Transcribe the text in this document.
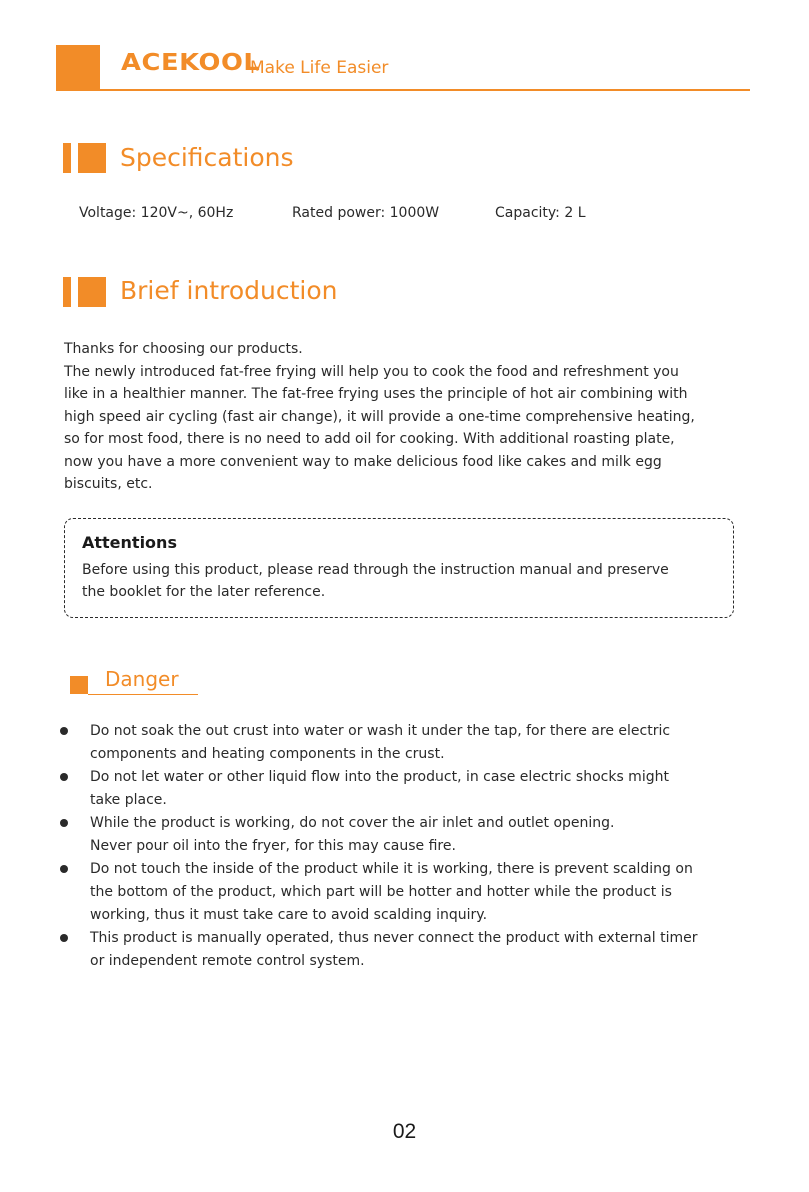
ACEKOOL
Make Life Easier
Specifications
Voltage: 120V~, 60Hz	Rated power: 1000W	Capacity: 2 L
Brief introduction
Thanks for choosing our products.
The newly introduced fat-free frying will help you to cook the food and refreshment you
like in a healthier manner. The fat-free frying uses the principle of hot air combining with
high speed air cycling (fast air change), it will provide a one-time comprehensive heating,
so for most food, there is no need to add oil for cooking. With additional roasting plate,
now you have a more convenient way to make delicious food like cakes and milk egg
biscuits, etc.
Attentions
Before using this product, please read through the instruction manual and preserve
the booklet for the later reference.
Danger
Do not soak the out crust into water or wash it under the tap, for there are electric
components and heating components in the crust.
Do not let water or other liquid flow into the product, in case electric shocks might
take place.
While the product is working, do not cover the air inlet and outlet opening.
Never pour oil into the fryer, for this may cause fire.
Do not touch the inside of the product while it is working, there is prevent scalding on
the bottom of the product, which part will be hotter and hotter while the product is
working, thus it must take care to avoid scalding inquiry.
This product is manually operated, thus never connect the product with external timer
or independent remote control system.
02
